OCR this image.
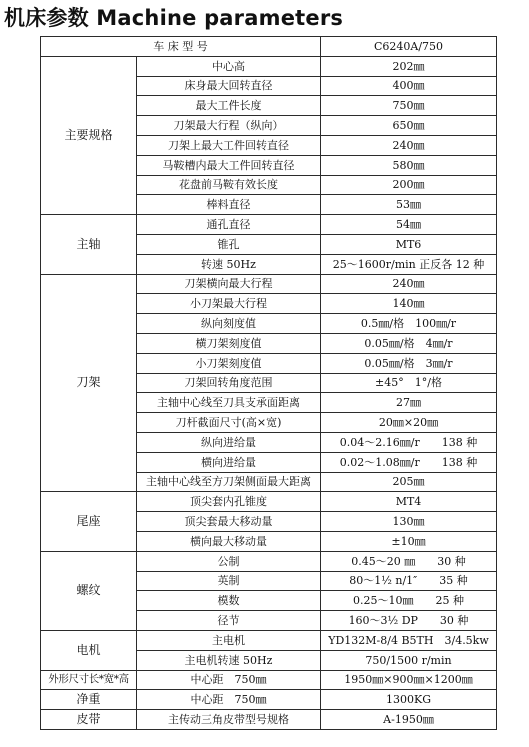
机床参数 Machine parameters
车 床 型 号		C6240A/750
主要规格	中心高	202㎜
	床身最大回转直径	400㎜
	最大工件长度	750㎜
	刀架最大行程（纵向）	650㎜
	刀架上最大工件回转直径	240㎜
	马鞍槽内最大工件回转直径	580㎜
	花盘前马鞍有效长度	200㎜
	棒料直径	53㎜
主轴	通孔直径	54㎜
	锥孔	MT6
	转速 50Hz	25～1600r/min 正反各 12 种
刀架	刀架横向最大行程	240㎜
	小刀架最大行程	140㎜
	纵向刻度值	0.5㎜/格　100㎜/r
	横刀架刻度值	0.05㎜/格　4㎜/r
	小刀架刻度值	0.05㎜/格　3㎜/r
	刀架回转角度范围	±45°　1°/格
	主轴中心线至刀具支承面距离	27㎜
	刀杆截面尺寸(高×宽)	20㎜×20㎜
	纵向进给量	0.04～2.16㎜/r　　138 种
	横向进给量	0.02～1.08㎜/r　　138 种
	主轴中心线至方刀架侧面最大距离	205㎜
尾座	顶尖套内孔锥度	MT4
	顶尖套最大移动量	130㎜
	横向最大移动量	±10㎜
螺纹	公制	0.45～20 ㎜　　30 种
	英制	80～1½ n/1″　　35 种
	模数	0.25～10㎜　　25 种
	径节	160～3½ DP　　30 种
电机	主电机	YD132M-8/4 B5TH　3/4.5kw
	主电机转速 50Hz	750/1500 r/min
外形尺寸长*宽*高	中心距　750㎜	1950㎜×900㎜×1200㎜
净重	中心距　750㎜	1300KG
皮带	主传动三角皮带型号规格	A-1950㎜
